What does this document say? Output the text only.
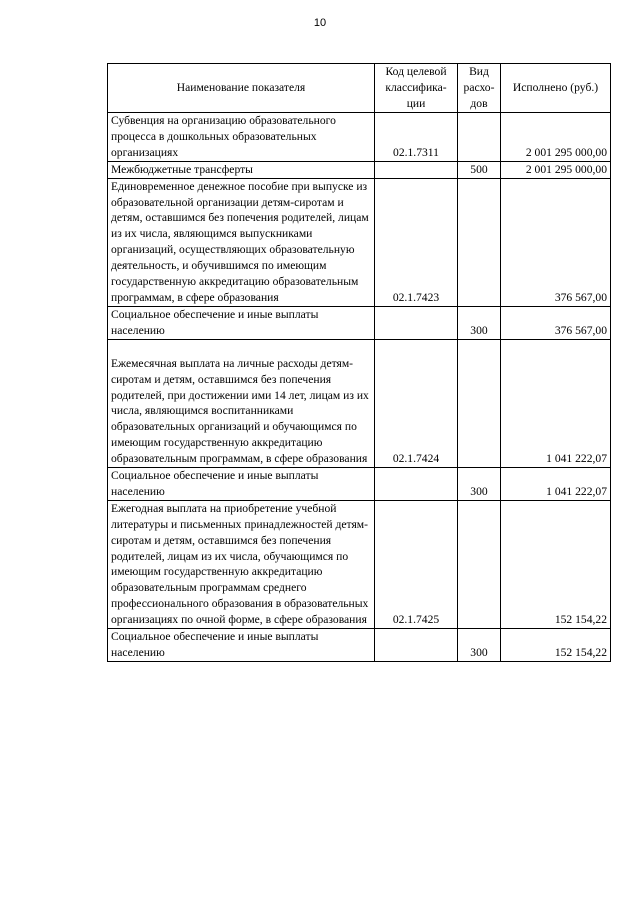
10
Наименование показателя	Код целевой классифика-ции	Вид расхо-дов	Исполнено (руб.)
Субвенция на организацию образовательного процесса в дошкольных образовательных организациях	02.1.7311		2 001 295 000,00
Межбюджетные трансферты		500	2 001 295 000,00
Единовременное денежное пособие при выпуске из образовательной организации детям-сиротам и детям, оставшимся без попечения родителей, лицам из их числа, являющимся выпускниками организаций, осуществляющих образовательную деятельность, и обучившимся по имеющим государственную аккредитацию образовательным программам, в сфере образования	02.1.7423		376 567,00
Социальное обеспечение и иные выплаты населению		300	376 567,00
Ежемесячная выплата на личные расходы детям-сиротам и детям, оставшимся без попечения родителей, при достижении ими 14 лет, лицам из их числа, являющимся воспитанниками образовательных организаций и обучающимся по имеющим государственную аккредитацию образовательным программам, в сфере образования	02.1.7424		1 041 222,07
Социальное обеспечение и иные выплаты населению		300	1 041 222,07
Ежегодная выплата на приобретение учебной литературы и письменных принадлежностей детям-сиротам и детям, оставшимся без попечения родителей, лицам из их числа, обучающимся по имеющим государственную аккредитацию образовательным программам среднего профессионального образования в образовательных организациях по очной форме, в сфере образования	02.1.7425		152 154,22
Социальное обеспечение и иные выплаты населению		300	152 154,22
